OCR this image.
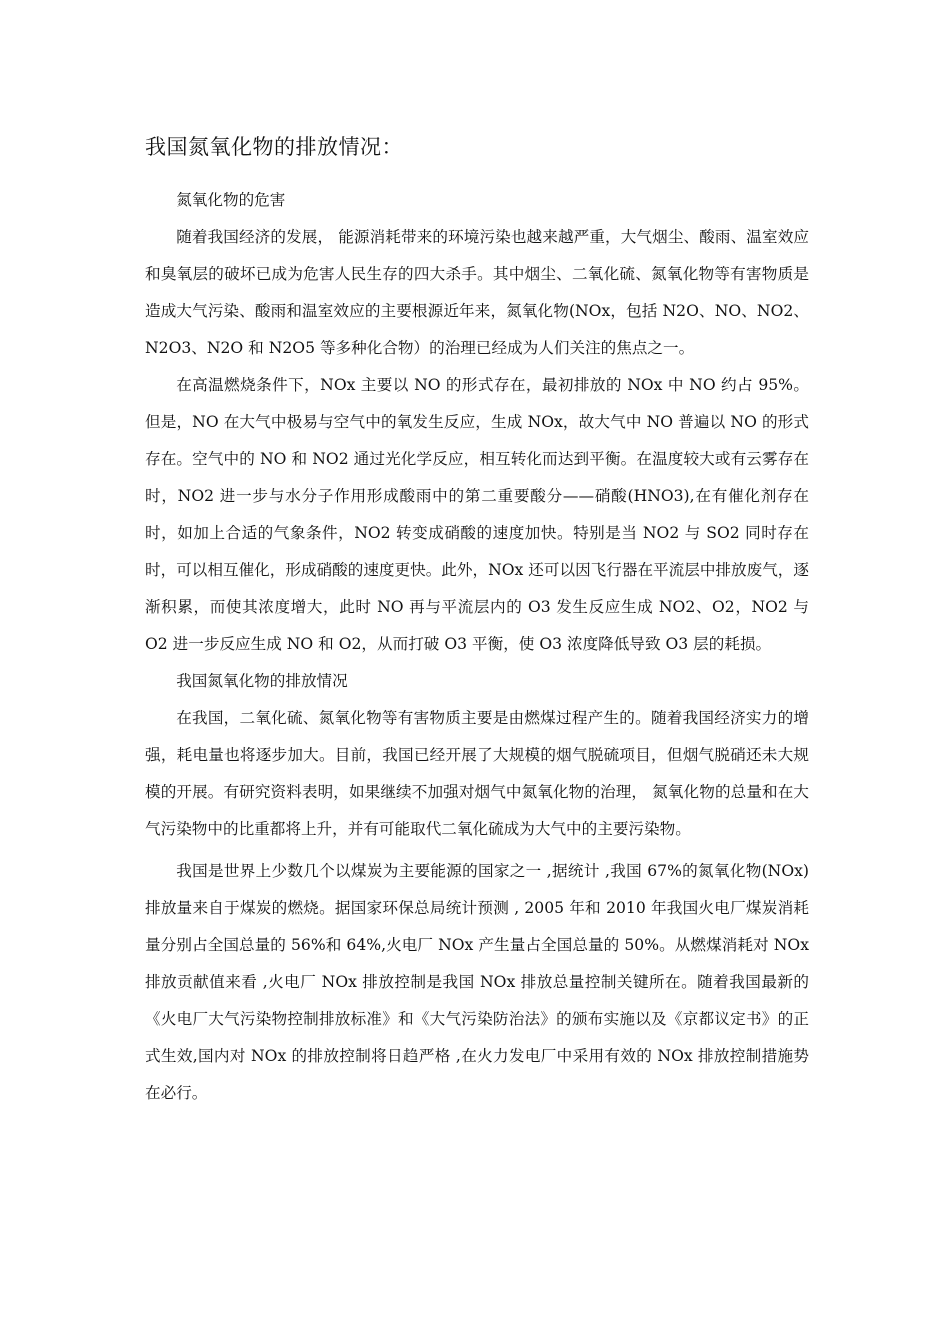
我国氮氧化物的排放情况：

氮氧化物的危害

随着我国经济的发展， 能源消耗带来的环境污染也越来越严重，大气烟尘、酸雨、温室效应和臭氧层的破坏已成为危害人民生存的四大杀手。其中烟尘、二氧化硫、氮氧化物等有害物质是造成大气污染、酸雨和温室效应的主要根源近年来，氮氧化物(NOx，包括 N2O、NO、NO2、N2O3、N2O 和 N2O5 等多种化合物）的治理已经成为人们关注的焦点之一。

在高温燃烧条件下，NOx 主要以 NO 的形式存在，最初排放的 NOx 中 NO 约占 95%。但是，NO 在大气中极易与空气中的氧发生反应，生成 NOx，故大气中 NO 普遍以 NO 的形式存在。空气中的 NO 和 NO2 通过光化学反应，相互转化而达到平衡。在温度较大或有云雾存在时，NO2 进一步与水分子作用形成酸雨中的第二重要酸分——硝酸(HNO3),在有催化剂存在时，如加上合适的气象条件，NO2 转变成硝酸的速度加快。特别是当 NO2 与 SO2 同时存在时，可以相互催化，形成硝酸的速度更快。此外，NOx 还可以因飞行器在平流层中排放废气，逐渐积累，而使其浓度增大，此时 NO 再与平流层内的 O3 发生反应生成 NO2、O2，NO2 与 O2 进一步反应生成 NO 和 O2，从而打破 O3 平衡，使 O3 浓度降低导致 O3 层的耗损。

我国氮氧化物的排放情况

在我国，二氧化硫、氮氧化物等有害物质主要是由燃煤过程产生的。随着我国经济实力的增强，耗电量也将逐步加大。目前，我国已经开展了大规模的烟气脱硫项目，但烟气脱硝还未大规模的开展。有研究资料表明，如果继续不加强对烟气中氮氧化物的治理， 氮氧化物的总量和在大气污染物中的比重都将上升，并有可能取代二氧化硫成为大气中的主要污染物。

我国是世界上少数几个以煤炭为主要能源的国家之一 ,据统计 ,我国 67%的氮氧化物(NOx)排放量来自于煤炭的燃烧。据国家环保总局统计预测 , 2005 年和 2010 年我国火电厂煤炭消耗量分别占全国总量的 56%和 64%,火电厂 NOx 产生量占全国总量的 50%。从燃煤消耗对 NOx 排放贡献值来看 ,火电厂 NOx 排放控制是我国 NOx 排放总量控制关键所在。随着我国最新的《火电厂大气污染物控制排放标准》和《大气污染防治法》的颁布实施以及《京都议定书》的正式生效,国内对 NOx 的排放控制将日趋严格 ,在火力发电厂中采用有效的 NOx 排放控制措施势在必行。
